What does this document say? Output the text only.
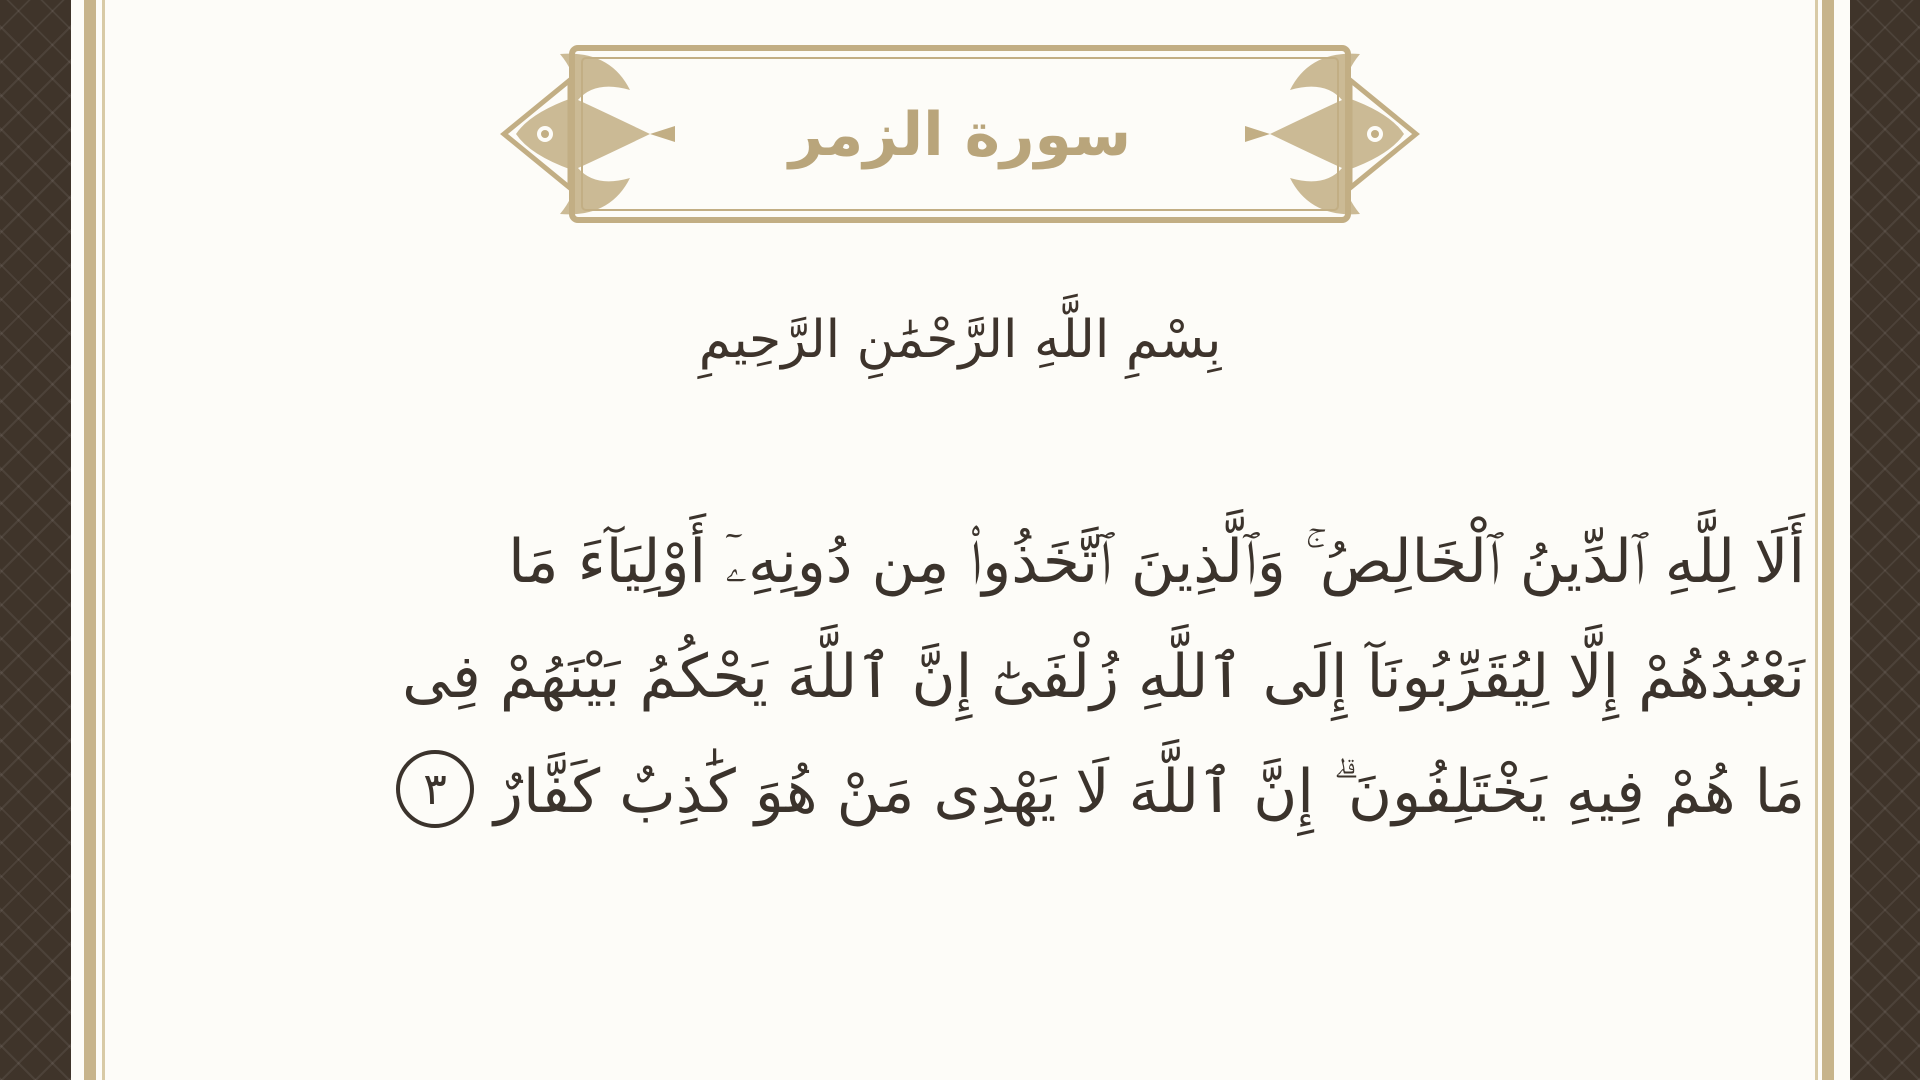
سورة الزمر
بِسْمِ اللَّهِ الرَّحْمَٰنِ الرَّحِيمِ
أَلَا لِلَّهِ ٱلدِّينُ ٱلْخَالِصُ ۚ وَٱلَّذِينَ ٱتَّخَذُوا۟ مِن دُونِهِۦٓ أَوْلِيَآءَ مَا
نَعْبُدُهُمْ إِلَّا لِيُقَرِّبُونَآ إِلَى ٱللَّهِ زُلْفَىٰٓ إِنَّ ٱللَّهَ يَحْكُمُ بَيْنَهُمْ فِى
مَا هُمْ فِيهِ يَخْتَلِفُونَ ۗ إِنَّ ٱللَّهَ لَا يَهْدِى مَنْ هُوَ كَٰذِبٌ كَفَّارٌ٣
